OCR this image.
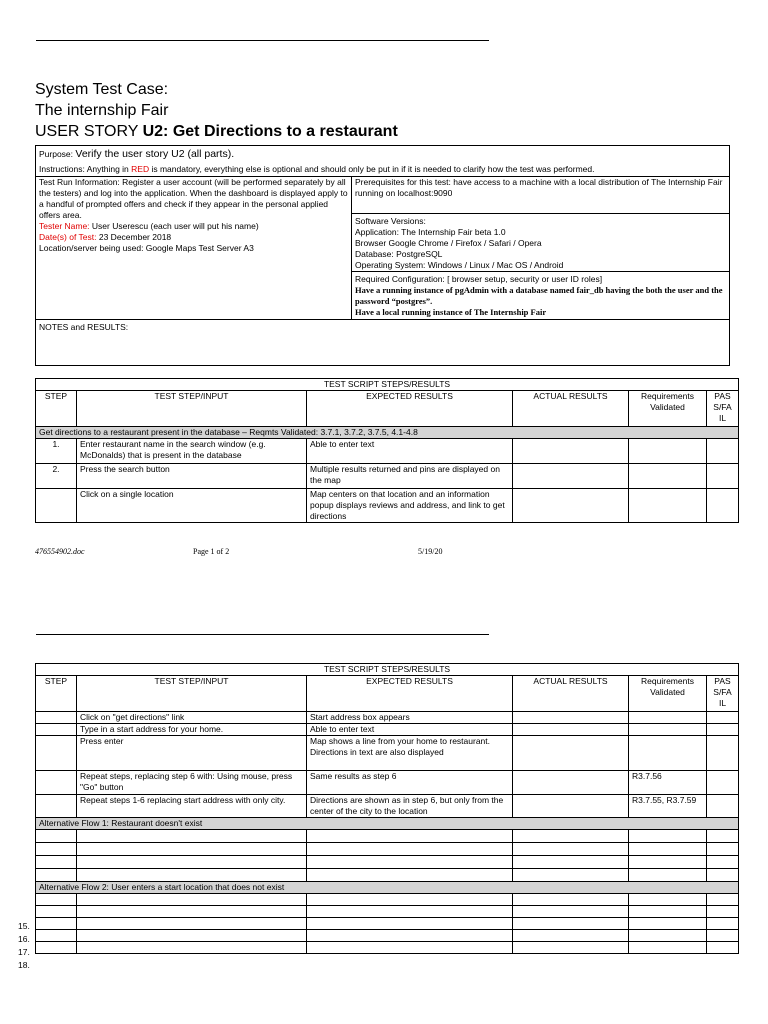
System Test Case:
The internship Fair
USER STORY U2: Get Directions to a restaurant
Purpose: Verify the user story U2 (all parts).
Instructions: Anything in RED is mandatory, everything else is optional and should only be put in if it is needed to clarify how the test was performed.

Test Run Information: Register a user account (will be performed separately by all the testers) and log into the application. When the dashboard is displayed apply to a handful of prompted offers and check if they appear in the personal applied offers area.
Tester Name: User Userescu (each user will put his name)
Date(s) of Test: 23 December 2018
Location/server being used: Google Maps Test Server A3

Prerequisites for this test: have access to a machine with a local distribution of The Internship Fair running on localhost:9090

Software Versions:
Application: The Internship Fair beta 1.0
Browser Google Chrome / Firefox / Safari / Opera
Database: PostgreSQL
Operating System: Windows / Linux / Mac OS / Android

Required Configuration: [ browser setup, security or user ID roles]
Have a running instance of pgAdmin with a database named fair_db having the both the user and the password “postgres”.
Have a local running instance of The Internship Fair

NOTES and RESULTS:
TEST SCRIPT STEPS/RESULTS					
STEP	TEST STEP/INPUT	EXPECTED RESULTS	ACTUAL RESULTS	Requirements Validated	PAS S/FA IL
Get directions to a restaurant present in the database – Reqmts Validated: 3.7.1, 3.7.2, 3.7.5, 4.1-4.8					
1.	Enter restaurant name in the search window (e.g. McDonalds) that is present in the database	Able to enter text			
2.	Press the search button	Multiple results returned and pins are displayed on the map			
	Click on a single location	Map centers on that location and an information popup displays reviews and address, and link to get directions			
476554902.doc	Page 1 of 2	5/19/20
TEST SCRIPT STEPS/RESULTS					
STEP	TEST STEP/INPUT	EXPECTED RESULTS	ACTUAL RESULTS	Requirements Validated	PAS S/FA IL
	Click on "get directions" link	Start address box appears			
	Type in a start address for your home.	Able to enter text			
	Press enter	Map shows a line from your home to restaurant. Directions in text are also displayed			
	Repeat steps, replacing step 6 with: Using mouse, press "Go" button	Same results as step 6		R3.7.56	
	Repeat steps 1-6 replacing start address with only city.	Directions are shown as in step 6, but only from the center of the city to the location		R3.7.55, R3.7.59	
Alternative Flow 1: Restaurant doesn't exist					

Alternative Flow 2: User enters a start location that does not exist					

15.
16.
17.
18.
